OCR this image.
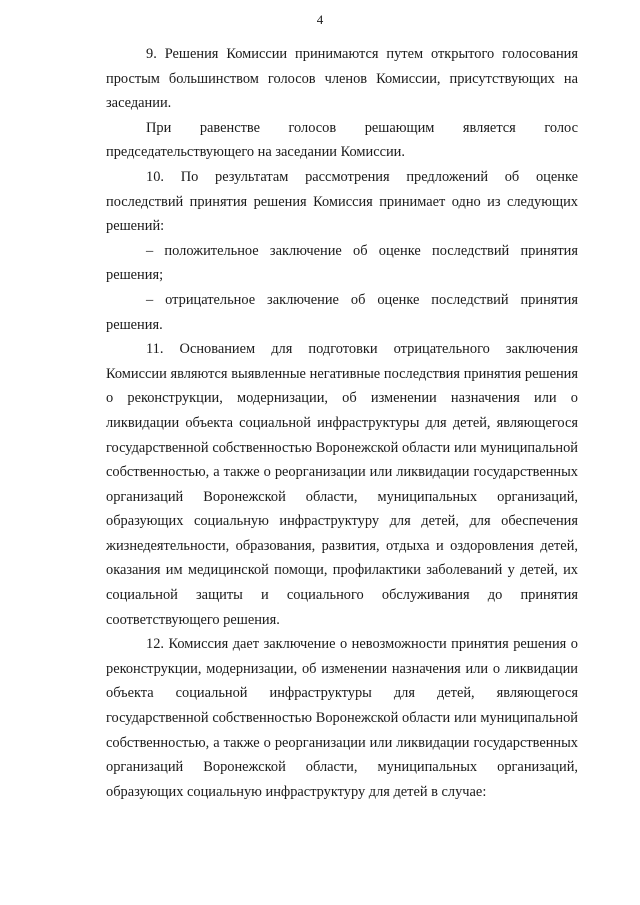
4

9. Решения Комиссии принимаются путем открытого голосования простым большинством голосов членов Комиссии, присутствующих на заседании.

При равенстве голосов решающим является голос председательствующего на заседании Комиссии.

10. По результатам рассмотрения предложений об оценке последствий принятия решения Комиссия принимает одно из следующих решений:

– положительное заключение об оценке последствий принятия решения;

– отрицательное заключение об оценке последствий принятия решения.

11. Основанием для подготовки отрицательного заключения Комиссии являются выявленные негативные последствия принятия решения о реконструкции, модернизации, об изменении назначения или о ликвидации объекта социальной инфраструктуры для детей, являющегося государственной собственностью Воронежской области или муниципальной собственностью, а также о реорганизации или ликвидации государственных организаций Воронежской области, муниципальных организаций, образующих социальную инфраструктуру для детей, для обеспечения жизнедеятельности, образования, развития, отдыха и оздоровления детей, оказания им медицинской помощи, профилактики заболеваний у детей, их социальной защиты и социального обслуживания до принятия соответствующего решения.

12. Комиссия дает заключение о невозможности принятия решения о реконструкции, модернизации, об изменении назначения или о ликвидации объекта социальной инфраструктуры для детей, являющегося государственной собственностью Воронежской области или муниципальной собственностью, а также о реорганизации или ликвидации государственных организаций Воронежской области, муниципальных организаций, образующих социальную инфраструктуру для детей в случае:
